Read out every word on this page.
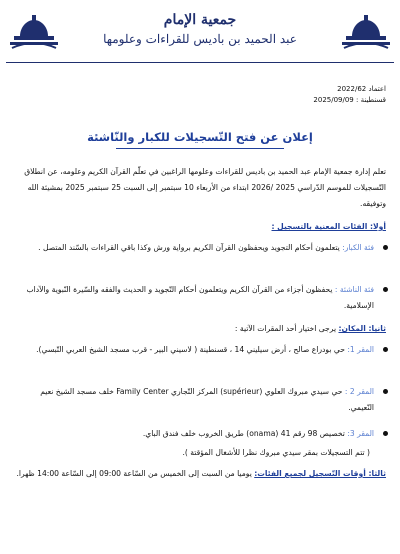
جمعية الإمام
عبد الحميد بن باديس للقراءات وعلومها
اعتماد 2022/62
قسنطينة : 2025/09/09
إعلان عن فتح التّسجيلات للكبار والنّاشئة
تعلم إدارة جمعية الإمام عبد الحميد بن باديس للقراءات وعلومها الراغبين في تعلّم القرآن الكريم وعلومه، عن انطلاق التّسجيلات للموسم الدّراسي 2025 /2026 ابتداء من الأربعاء 10 سبتمبر إلى السبت 25 سبتمبر 2025 بمشيئة الله وتوفيقه.
أولا: الفئات المعنية بالتسجيل :
فئة الكبار: يتعلمون أحكام التجويد ويحفظون القرآن الكريم برواية ورش وكذا باقي القراءات بالسّند المتصل .
فئة الناشئة : يحفظون أجزاء من القرآن الكريم ويتعلمون أحكام التّجويد و الحديث والفقه والسّيرة النّبوية والآداب الإسلامية.
ثانيا: المكان: يرجى اختيار أحد المقرات الآتية :
المقر 1: حي بودراع صالح ، أرض سيليني 14 ، قسنطينة ( لاسيني البير - قرب مسجد الشيخ العربي التّبسي).
المقر 2 : حي سيدي مبروك العلوي (supérieur) المركز التّجاري Family Center خلف مسجد الشيخ نعيم النّعيمي.
المقر 3: تخصيص 98 رقم 41 (onama) طريق الخروب خلف فندق الباي.
( تتم التسجيلات بمقر سيدي مبروك نظرا للأشغال المؤقتة ).
ثالثا: أوقات التّسجيل لجميع الفئات: يوميا من السبت إلى الخميس من السّاعة 09:00 إلى السّاعة 14:00 ظهرا.
